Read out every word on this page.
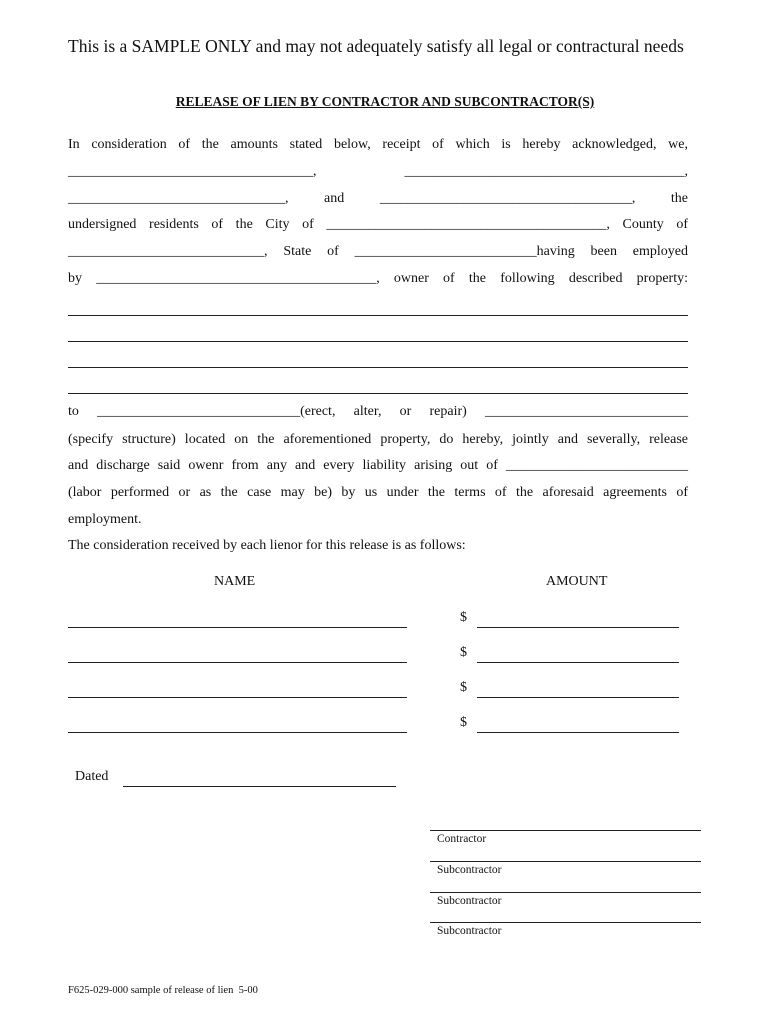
This is a SAMPLE ONLY and may not adequately satisfy all legal or contractural needs
RELEASE OF LIEN BY CONTRACTOR AND SUBCONTRACTOR(S)
In consideration of the amounts stated below, receipt of which is hereby acknowledged, we,
___________________________________, ________________________________________,
_______________________________, and ____________________________________, the
undersigned residents of the City of ________________________________________, County of
____________________________, State of __________________________having been employed
by ________________________________________, owner of the following described property:
to _____________________________(erect, alter, or repair) _____________________________
(specify structure) located on the aforementioned property, do hereby, jointly and severally, release
and discharge said owenr from any and every liability arising out of __________________________
(labor performed or as the case may be) by us under the terms of the aforesaid agreements of
employment.
The consideration received by each lienor for this release is as follows:
NAME	AMOUNT
$
$
$
$
Dated
Contractor
Subcontractor
Subcontractor
Subcontractor
F625-029-000 sample of release of lien  5-00
